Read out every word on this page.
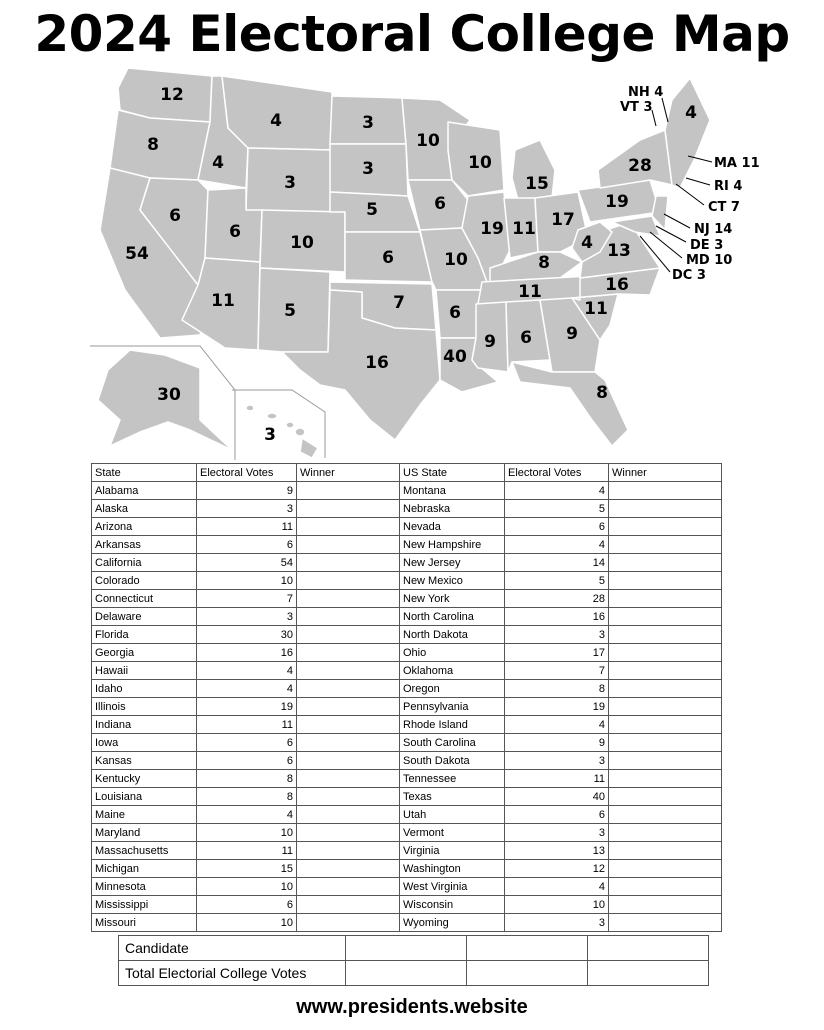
2024 Electoral College Map
12
4	3
10
10
8
4	3
15
28
6
3
5	6
19 11 17
19
6
10
6	10
11
4
8
13
54
11	5	7	6	11
16
9 6 9
16	40
8
30
3
4
NH 4
VT 3
MA 11
RI 4
CT 7
NJ 14
DE 3
MD 10
DC 3
State	Electoral Votes	Winner	US State	Electoral Votes	Winner
Alabama	9		Montana	4	
Alaska	3		Nebraska	5	
Arizona	11		Nevada	6	
Arkansas	6		New Hampshire	4	
California	54		New Jersey	14	
Colorado	10		New Mexico	5	
Connecticut	7		New York	28	
Delaware	3		North Carolina	16	
Florida	30		North Dakota	3	
Georgia	16		Ohio	17	
Hawaii	4		Oklahoma	7	
Idaho	4		Oregon	8	
Illinois	19		Pennsylvania	19	
Indiana	11		Rhode Island	4	
Iowa	6		South Carolina	9	
Kansas	6		South Dakota	3	
Kentucky	8		Tennessee	11	
Louisiana	8		Texas	40	
Maine	4		Utah	6	
Maryland	10		Vermont	3	
Massachusetts	11		Virginia	13	
Michigan	15		Washington	12	
Minnesota	10		West Virginia	4	
Mississippi	6		Wisconsin	10	
Missouri	10		Wyoming	3	
Candidate			
Total Electorial College Votes			
www.presidents.website
